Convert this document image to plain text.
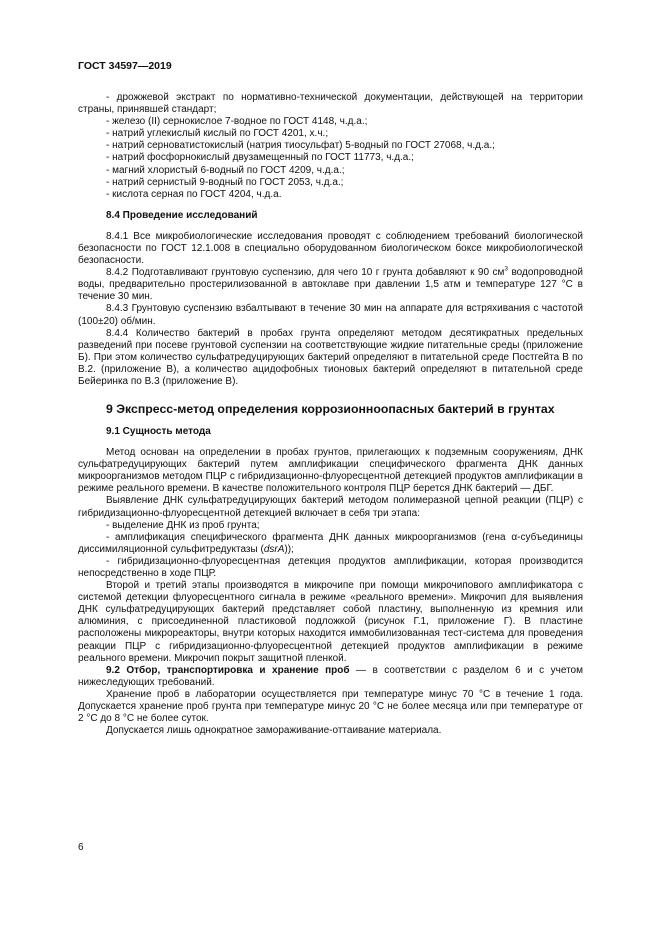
ГОСТ 34597—2019

- дрожжевой экстракт по нормативно-технической документации, действующей на территории страны, принявшей стандарт;

- железо (II) сернокислое 7-водное по ГОСТ 4148, ч.д.а.;

- натрий углекислый кислый по ГОСТ 4201, х.ч.;

- натрий серноватистокислый (натрия тиосульфат) 5-водный по ГОСТ 27068, ч.д.а.;

- натрий фосфорнокислый двузамещенный по ГОСТ 11773, ч.д.а.;

- магний хлористый 6-водный по ГОСТ 4209, ч.д.а.;

- натрий сернистый 9-водный по ГОСТ 2053, ч.д.а.;

- кислота серная по ГОСТ 4204, ч.д.а.

8.4 Проведение исследований

8.4.1 Все микробиологические исследования проводят с соблюдением требований биологической безопасности по ГОСТ 12.1.008 в специально оборудованном биологическом боксе микробиологической безопасности.

8.4.2 Подготавливают грунтовую суспензию, для чего 10 г грунта добавляют к 90 $см^3$ водопроводной воды, предварительно простерилизованной в автоклаве при давлении 1,5 атм и температуре 127 °С в течение 30 мин.

8.4.3 Грунтовую суспензию взбалтывают в течение 30 мин на аппарате для встряхивания с частотой (100±20) об/мин.

8.4.4 Количество бактерий в пробах грунта определяют методом десятикратных предельных разведений при посеве грунтовой суспензии на соответствующие жидкие питательные среды (приложение Б). При этом количество сульфатредуцирующих бактерий определяют в питательной среде Постгейта В по В.2. (приложение В), а количество ацидофобных тионовых бактерий определяют в питательной среде Бейеринка по В.3 (приложение В).

9 Экспресс-метод определения коррозионноопасных бактерий в грунтах
9.1 Сущность метода

Метод основан на определении в пробах грунтов, прилегающих к подземным сооружениям, ДНК сульфатредуцирующих бактерий путем амплификации специфического фрагмента ДНК данных микроорганизмов методом ПЦР с гибридизационно-флуоресцентной детекцией продуктов амплификации в режиме реального времени. В качестве положительного контроля ПЦР берется ДНК бактерий — ДБГ.

Выявление ДНК сульфатредуцирующих бактерий методом полимеразной цепной реакции (ПЦР) с гибридизационно-флуоресцентной детекцией включает в себя три этапа:

- выделение ДНК из проб грунта;

- амплификация специфического фрагмента ДНК данных микроорганизмов (гена α-субъединицы диссимиляционной сульфитредуктазы (dsrA));

- гибридизационно-флуоресцентная детекция продуктов амплификации, которая производится непосредственно в ходе ПЦР.

Второй и третий этапы производятся в микрочипе при помощи микрочипового амплификатора с системой детекции флуоресцентного сигнала в режиме «реального времени». Микрочип для выявления ДНК сульфатредуцирующих бактерий представляет собой пластину, выполненную из кремния или алюминия, с присоединенной пластиковой подложкой (рисунок Г.1, приложение Г). В пластине расположены микрореакторы, внутри которых находится иммобилизованная тест-система для проведения реакции ПЦР с гибридизационно-флуоресцентной детекцией продуктов амплификации в режиме реального времени. Микрочип покрыт защитной пленкой.

9.2 Отбор, транспортировка и хранение проб — в соответствии с разделом 6 и с учетом нижеследующих требований.

Хранение проб в лаборатории осуществляется при температуре минус 70 °С в течение 1 года. Допускается хранение проб грунта при температуре минус 20 °С не более месяца или при температуре от 2 °С до 8 °С не более суток.

Допускается лишь однократное замораживание-оттаивание материала.

6
